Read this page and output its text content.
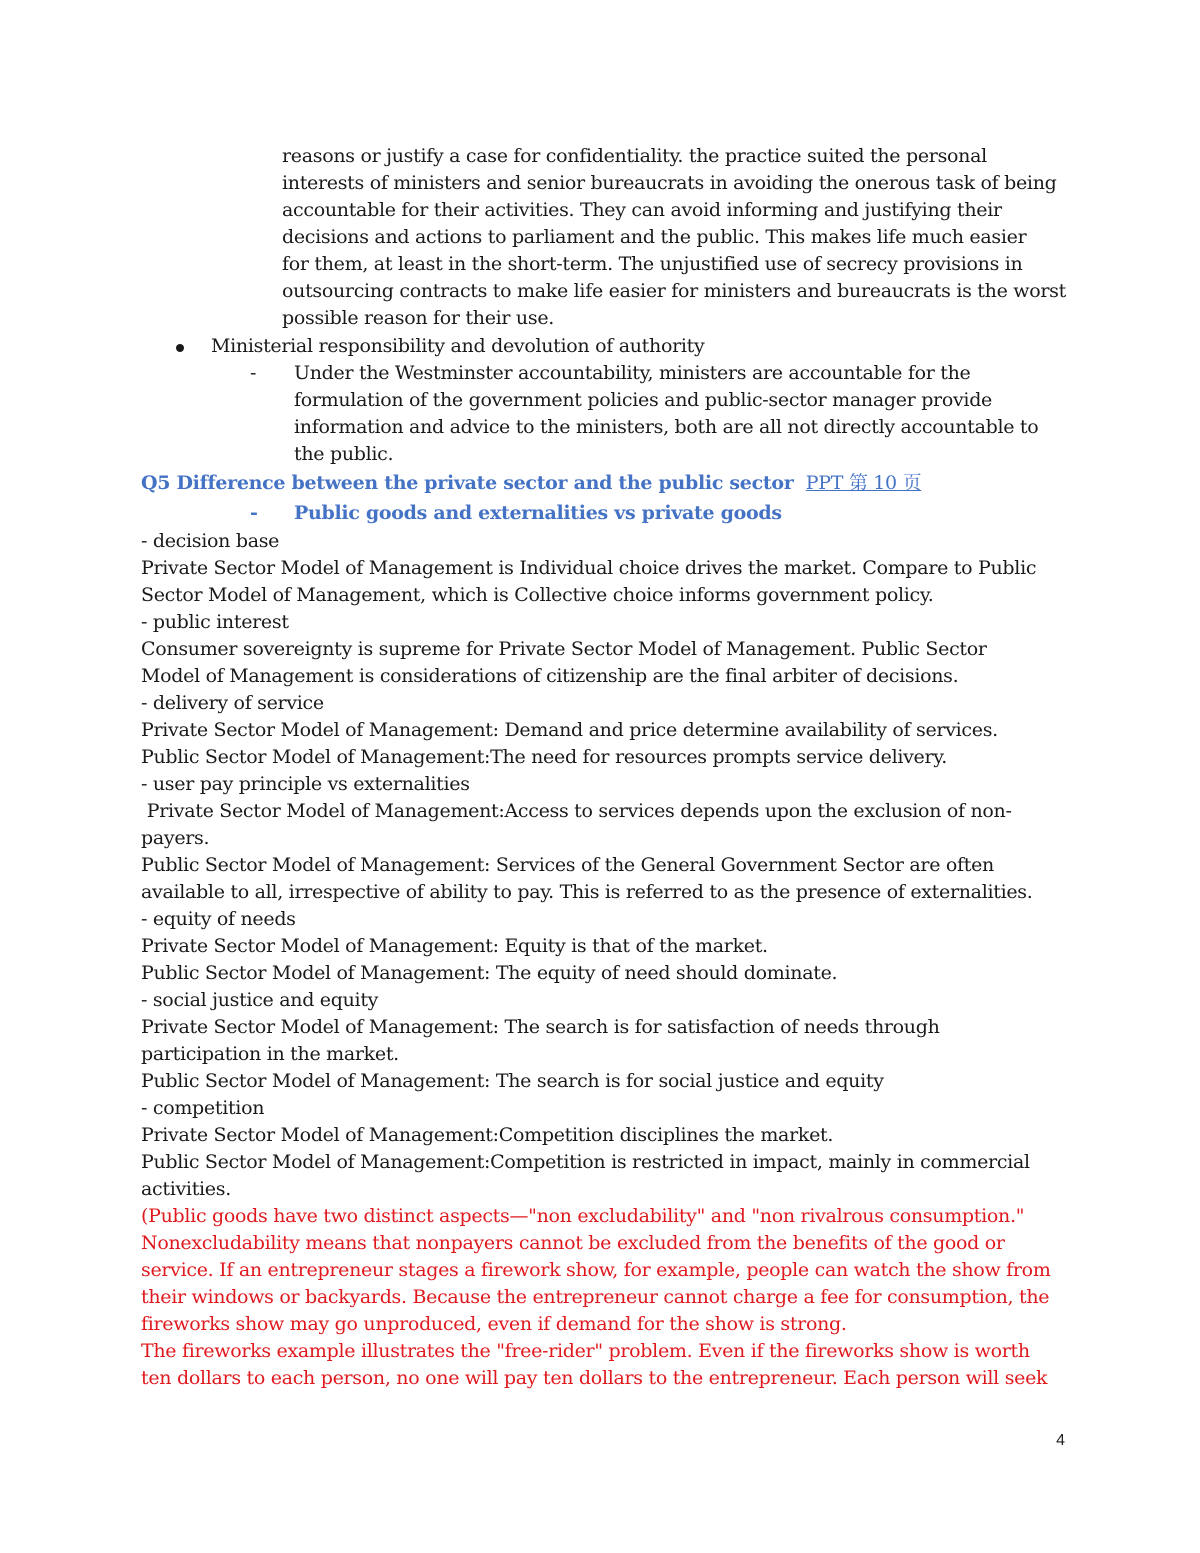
reasons or justify a case for confidentiality. the practice suited the personal
interests of ministers and senior bureaucrats in avoiding the onerous task of being
accountable for their activities. They can avoid informing and justifying their
decisions and actions to parliament and the public. This makes life much easier
for them, at least in the short-term. The unjustified use of secrecy provisions in
outsourcing contracts to make life easier for ministers and bureaucrats is the worst
possible reason for their use.
Ministerial responsibility and devolution of authority
- Under the Westminster accountability, ministers are accountable for the
formulation of the government policies and public-sector manager provide
information and advice to the ministers, both are all not directly accountable to
the public.
Q5 Difference between the private sector and the public sector PPT 第 10 页
- Public goods and externalities vs private goods
- decision base
Private Sector Model of Management is Individual choice drives the market. Compare to Public
Sector Model of Management, which is Collective choice informs government policy.
- public interest
Consumer sovereignty is supreme for Private Sector Model of Management. Public Sector
Model of Management is considerations of citizenship are the final arbiter of decisions.
- delivery of service
Private Sector Model of Management: Demand and price determine availability of services.
Public Sector Model of Management:The need for resources prompts service delivery.
- user pay principle vs externalities
Private Sector Model of Management:Access to services depends upon the exclusion of non-
payers.
Public Sector Model of Management: Services of the General Government Sector are often
available to all, irrespective of ability to pay. This is referred to as the presence of externalities.
- equity of needs
Private Sector Model of Management: Equity is that of the market.
Public Sector Model of Management: The equity of need should dominate.
- social justice and equity
Private Sector Model of Management: The search is for satisfaction of needs through
participation in the market.
Public Sector Model of Management: The search is for social justice and equity
- competition
Private Sector Model of Management:Competition disciplines the market.
Public Sector Model of Management:Competition is restricted in impact, mainly in commercial
activities.
(Public goods have two distinct aspects—"non excludability" and "non rivalrous consumption."
Nonexcludability means that nonpayers cannot be excluded from the benefits of the good or
service. If an entrepreneur stages a firework show, for example, people can watch the show from
their windows or backyards. Because the entrepreneur cannot charge a fee for consumption, the
fireworks show may go unproduced, even if demand for the show is strong.
The fireworks example illustrates the "free-rider" problem. Even if the fireworks show is worth
ten dollars to each person, no one will pay ten dollars to the entrepreneur. Each person will seek
4
